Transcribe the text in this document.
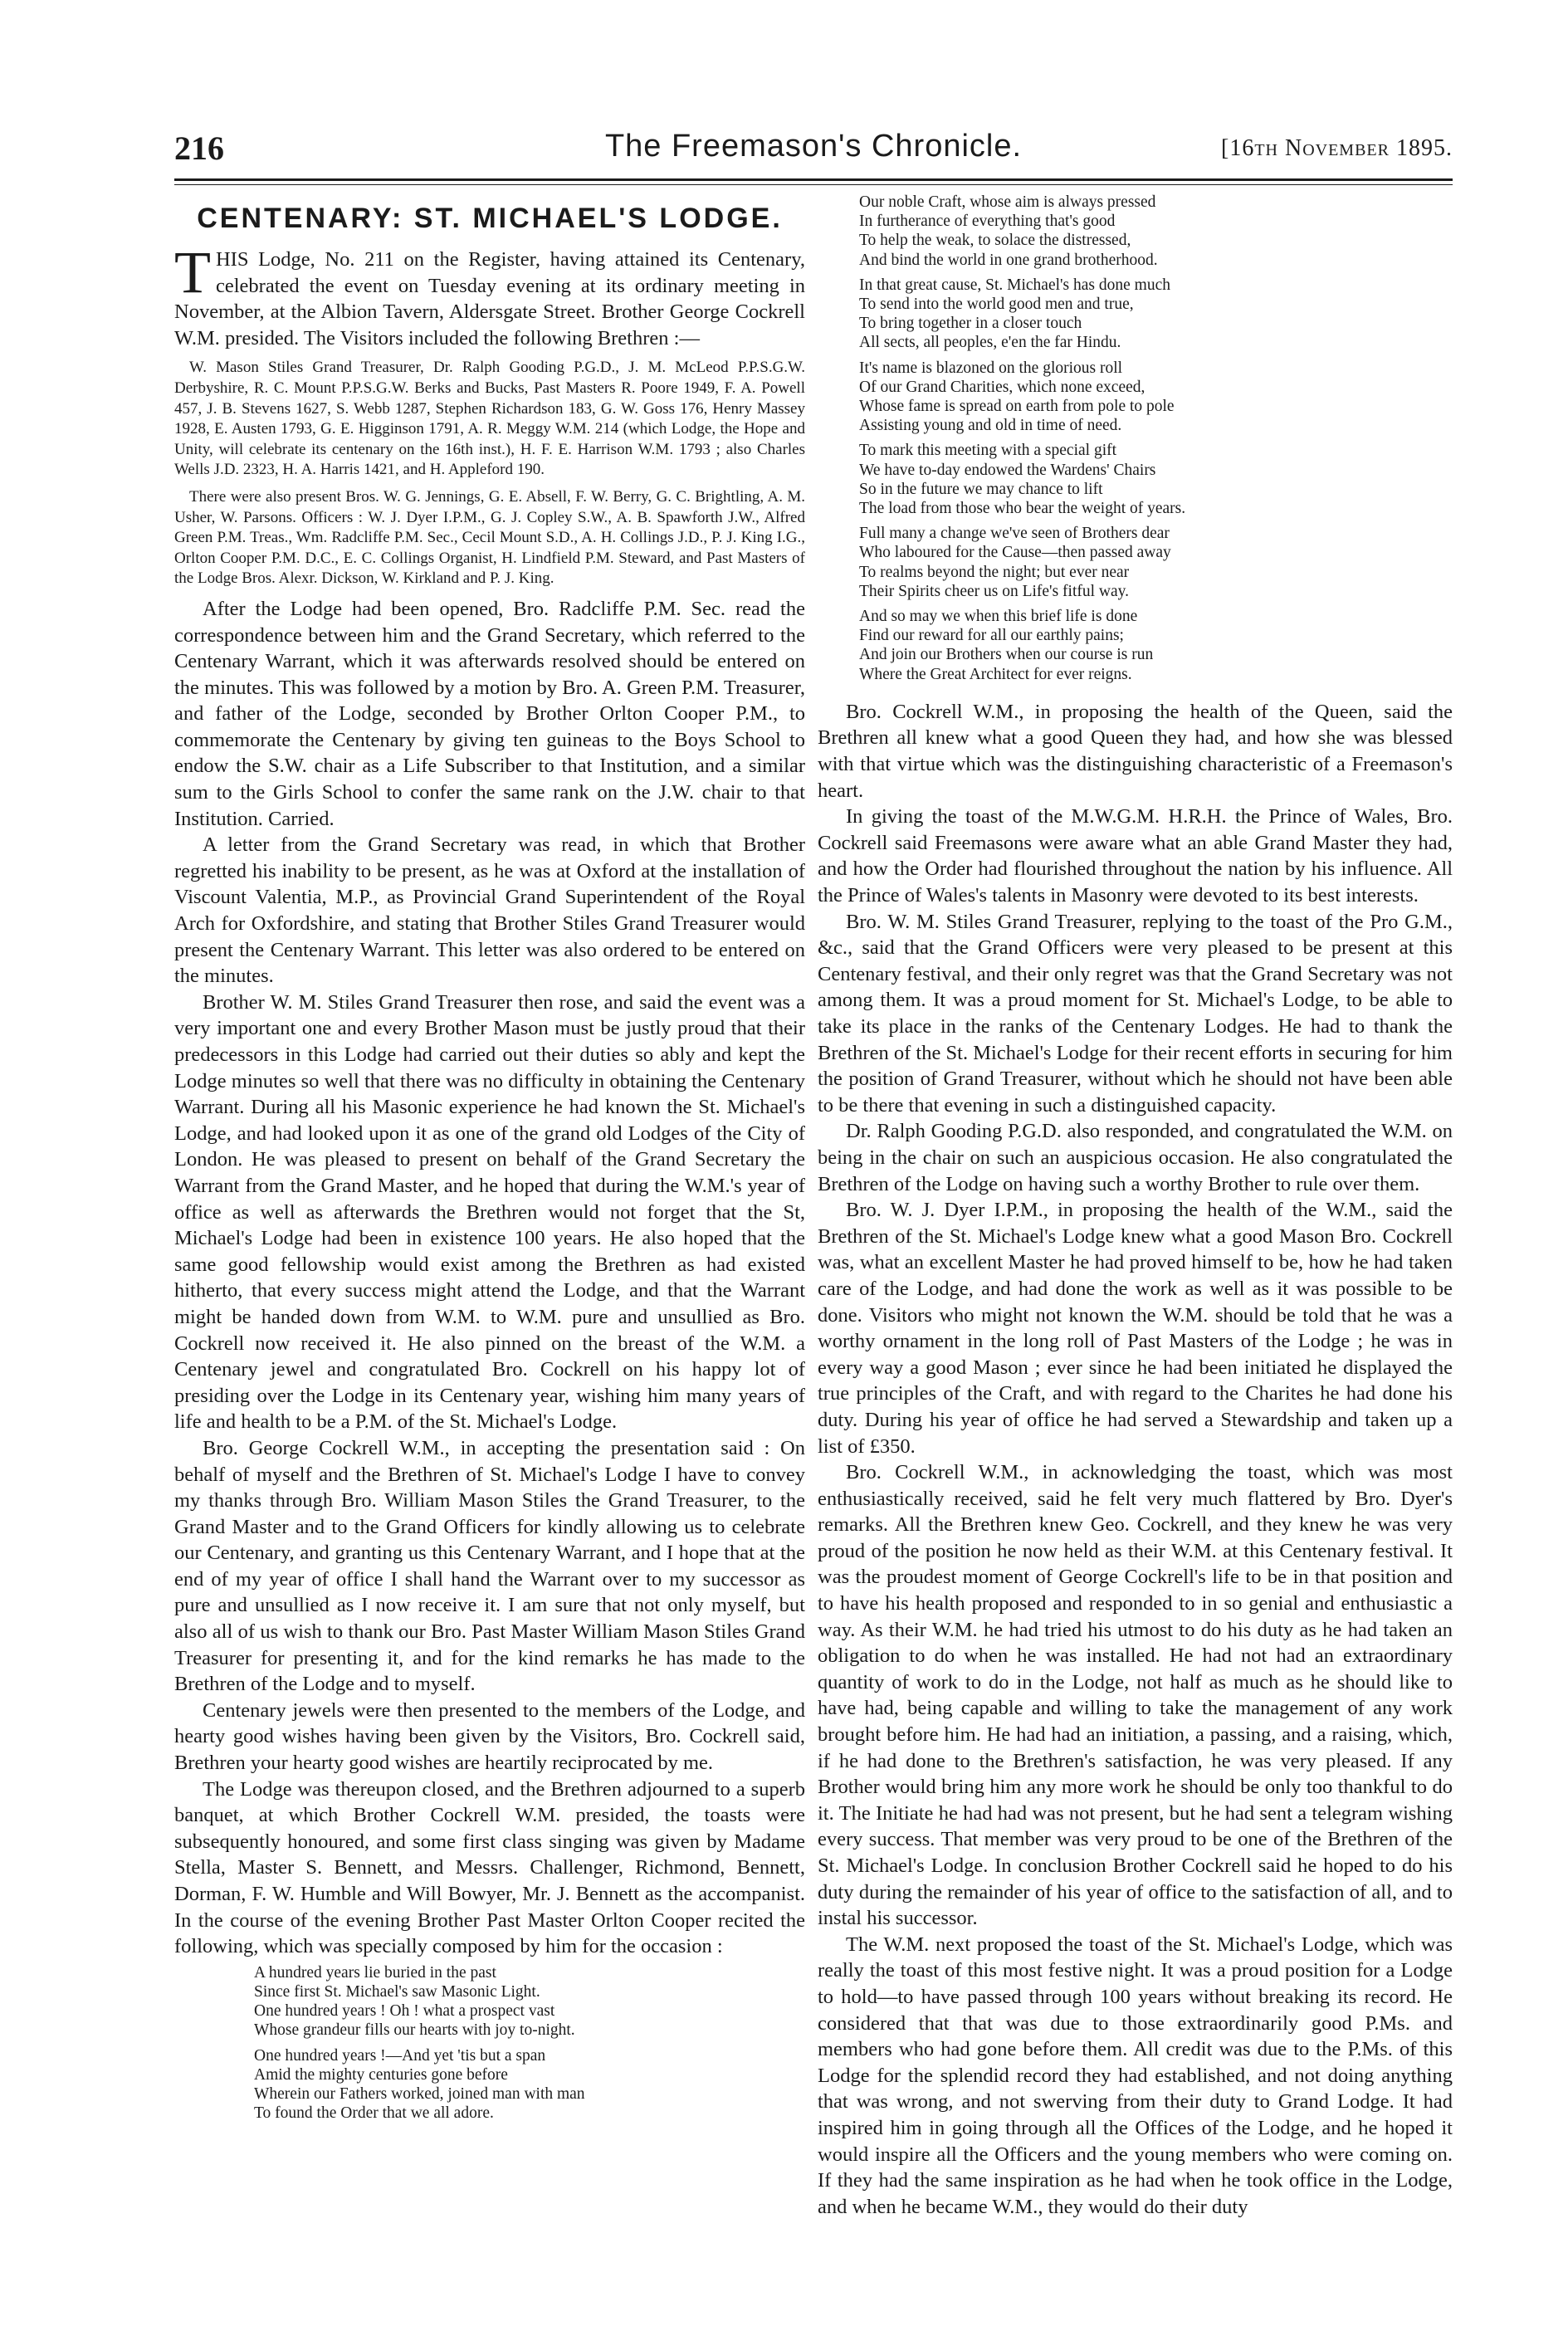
216	The Freemason's Chronicle.	[16th November 1895.
CENTENARY: ST. MICHAEL'S LODGE.

THIS Lodge, No. 211 on the Register, having attained its Centenary, celebrated the event on Tuesday evening at its ordinary meeting in November, at the Albion Tavern, Aldersgate Street. Brother George Cockrell W.M. presided. The Visitors included the following Brethren :—

W. Mason Stiles Grand Treasurer, Dr. Ralph Gooding P.G.D., J. M. McLeod P.P.S.G.W. Derbyshire, R. C. Mount P.P.S.G.W. Berks and Bucks, Past Masters R. Poore 1949, F. A. Powell 457, J. B. Stevens 1627, S. Webb 1287, Stephen Richardson 183, G. W. Goss 176, Henry Massey 1928, E. Austen 1793, G. E. Higginson 1791, A. R. Meggy W.M. 214 (which Lodge, the Hope and Unity, will celebrate its centenary on the 16th inst.), H. F. E. Harrison W.M. 1793 ; also Charles Wells J.D. 2323, H. A. Harris 1421, and H. Appleford 190.

There were also present Bros. W. G. Jennings, G. E. Absell, F. W. Berry, G. C. Brightling, A. M. Usher, W. Parsons. Officers : W. J. Dyer I.P.M., G. J. Copley S.W., A. B. Spawforth J.W., Alfred Green P.M. Treas., Wm. Radcliffe P.M. Sec., Cecil Mount S.D., A. H. Collings J.D., P. J. King I.G., Orlton Cooper P.M. D.C., E. C. Collings Organist, H. Lindfield P.M. Steward, and Past Masters of the Lodge Bros. Alexr. Dickson, W. Kirkland and P. J. King.

After the Lodge had been opened, Bro. Radcliffe P.M. Sec. read the correspondence between him and the Grand Secretary, which referred to the Centenary Warrant, which it was afterwards resolved should be entered on the minutes. This was followed by a motion by Bro. A. Green P.M. Treasurer, and father of the Lodge, seconded by Brother Orlton Cooper P.M., to commemorate the Centenary by giving ten guineas to the Boys School to endow the S.W. chair as a Life Subscriber to that Institution, and a similar sum to the Girls School to confer the same rank on the J.W. chair to that Institution. Carried.

A letter from the Grand Secretary was read, in which that Brother regretted his inability to be present, as he was at Oxford at the installation of Viscount Valentia, M.P., as Provincial Grand Superintendent of the Royal Arch for Oxfordshire, and stating that Brother Stiles Grand Treasurer would present the Centenary Warrant. This letter was also ordered to be entered on the minutes.

Brother W. M. Stiles Grand Treasurer then rose, and said the event was a very important one and every Brother Mason must be justly proud that their predecessors in this Lodge had carried out their duties so ably and kept the Lodge minutes so well that there was no difficulty in obtaining the Centenary Warrant. During all his Masonic experience he had known the St. Michael's Lodge, and had looked upon it as one of the grand old Lodges of the City of London. He was pleased to present on behalf of the Grand Secretary the Warrant from the Grand Master, and he hoped that during the W.M.'s year of office as well as afterwards the Brethren would not forget that the St, Michael's Lodge had been in existence 100 years. He also hoped that the same good fellowship would exist among the Brethren as had existed hitherto, that every success might attend the Lodge, and that the Warrant might be handed down from W.M. to W.M. pure and unsullied as Bro. Cockrell now received it. He also pinned on the breast of the W.M. a Centenary jewel and congratulated Bro. Cockrell on his happy lot of presiding over the Lodge in its Centenary year, wishing him many years of life and health to be a P.M. of the St. Michael's Lodge.

Bro. George Cockrell W.M., in accepting the presentation said : On behalf of myself and the Brethren of St. Michael's Lodge I have to convey my thanks through Bro. William Mason Stiles the Grand Treasurer, to the Grand Master and to the Grand Officers for kindly allowing us to celebrate our Centenary, and granting us this Centenary Warrant, and I hope that at the end of my year of office I shall hand the Warrant over to my successor as pure and unsullied as I now receive it. I am sure that not only myself, but also all of us wish to thank our Bro. Past Master William Mason Stiles Grand Treasurer for presenting it, and for the kind remarks he has made to the Brethren of the Lodge and to myself.

Centenary jewels were then presented to the members of the Lodge, and hearty good wishes having been given by the Visitors, Bro. Cockrell said, Brethren your hearty good wishes are heartily reciprocated by me.

The Lodge was thereupon closed, and the Brethren adjourned to a superb banquet, at which Brother Cockrell W.M. presided, the toasts were subsequently honoured, and some first class singing was given by Madame Stella, Master S. Bennett, and Messrs. Challenger, Richmond, Bennett, Dorman, F. W. Humble and Will Bowyer, Mr. J. Bennett as the accompanist. In the course of the evening Brother Past Master Orlton Cooper recited the following, which was specially composed by him for the occasion :

A hundred years lie buried in the past
Since first St. Michael's saw Masonic Light.
One hundred years ! Oh ! what a prospect vast
Whose grandeur fills our hearts with joy to-night.
One hundred years !—And yet 'tis but a span
Amid the mighty centuries gone before
Wherein our Fathers worked, joined man with man
To found the Order that we all adore.
Our noble Craft, whose aim is always pressed
In furtherance of everything that's good
To help the weak, to solace the distressed,
And bind the world in one grand brotherhood.
In that great cause, St. Michael's has done much
To send into the world good men and true,
To bring together in a closer touch
All sects, all peoples, e'en the far Hindu.
It's name is blazoned on the glorious roll
Of our Grand Charities, which none exceed,
Whose fame is spread on earth from pole to pole
Assisting young and old in time of need.
To mark this meeting with a special gift
We have to-day endowed the Wardens' Chairs
So in the future we may chance to lift
The load from those who bear the weight of years.
Full many a change we've seen of Brothers dear
Who laboured for the Cause—then passed away
To realms beyond the night; but ever near
Their Spirits cheer us on Life's fitful way.
And so may we when this brief life is done
Find our reward for all our earthly pains;
And join our Brothers when our course is run
Where the Great Architect for ever reigns.

Bro. Cockrell W.M., in proposing the health of the Queen, said the Brethren all knew what a good Queen they had, and how she was blessed with that virtue which was the distinguishing characteristic of a Freemason's heart.

In giving the toast of the M.W.G.M. H.R.H. the Prince of Wales, Bro. Cockrell said Freemasons were aware what an able Grand Master they had, and how the Order had flourished throughout the nation by his influence. All the Prince of Wales's talents in Masonry were devoted to its best interests.

Bro. W. M. Stiles Grand Treasurer, replying to the toast of the Pro G.M., &c., said that the Grand Officers were very pleased to be present at this Centenary festival, and their only regret was that the Grand Secretary was not among them. It was a proud moment for St. Michael's Lodge, to be able to take its place in the ranks of the Centenary Lodges. He had to thank the Brethren of the St. Michael's Lodge for their recent efforts in securing for him the position of Grand Treasurer, without which he should not have been able to be there that evening in such a distinguished capacity.

Dr. Ralph Gooding P.G.D. also responded, and congratulated the W.M. on being in the chair on such an auspicious occasion. He also congratulated the Brethren of the Lodge on having such a worthy Brother to rule over them.

Bro. W. J. Dyer I.P.M., in proposing the health of the W.M., said the Brethren of the St. Michael's Lodge knew what a good Mason Bro. Cockrell was, what an excellent Master he had proved himself to be, how he had taken care of the Lodge, and had done the work as well as it was possible to be done. Visitors who might not known the W.M. should be told that he was a worthy ornament in the long roll of Past Masters of the Lodge ; he was in every way a good Mason ; ever since he had been initiated he displayed the true principles of the Craft, and with regard to the Charites he had done his duty. During his year of office he had served a Stewardship and taken up a list of £350.

Bro. Cockrell W.M., in acknowledging the toast, which was most enthusiastically received, said he felt very much flattered by Bro. Dyer's remarks. All the Brethren knew Geo. Cockrell, and they knew he was very proud of the position he now held as their W.M. at this Centenary festival. It was the proudest moment of George Cockrell's life to be in that position and to have his health proposed and responded to in so genial and enthusiastic a way. As their W.M. he had tried his utmost to do his duty as he had taken an obligation to do when he was installed. He had not had an extraordinary quantity of work to do in the Lodge, not half as much as he should like to have had, being capable and willing to take the management of any work brought before him. He had had an initiation, a passing, and a raising, which, if he had done to the Brethren's satisfaction, he was very pleased. If any Brother would bring him any more work he should be only too thankful to do it. The Initiate he had had was not present, but he had sent a telegram wishing every success. That member was very proud to be one of the Brethren of the St. Michael's Lodge. In conclusion Brother Cockrell said he hoped to do his duty during the remainder of his year of office to the satisfaction of all, and to instal his successor.

The W.M. next proposed the toast of the St. Michael's Lodge, which was really the toast of this most festive night. It was a proud position for a Lodge to hold—to have passed through 100 years without breaking its record. He considered that that was due to those extraordinarily good P.Ms. and members who had gone before them. All credit was due to the P.Ms. of this Lodge for the splendid record they had established, and not doing anything that was wrong, and not swerving from their duty to Grand Lodge. It had inspired him in going through all the Offices of the Lodge, and he hoped it would inspire all the Officers and the young members who were coming on. If they had the same inspiration as he had when he took office in the Lodge, and when he became W.M., they would do their duty
